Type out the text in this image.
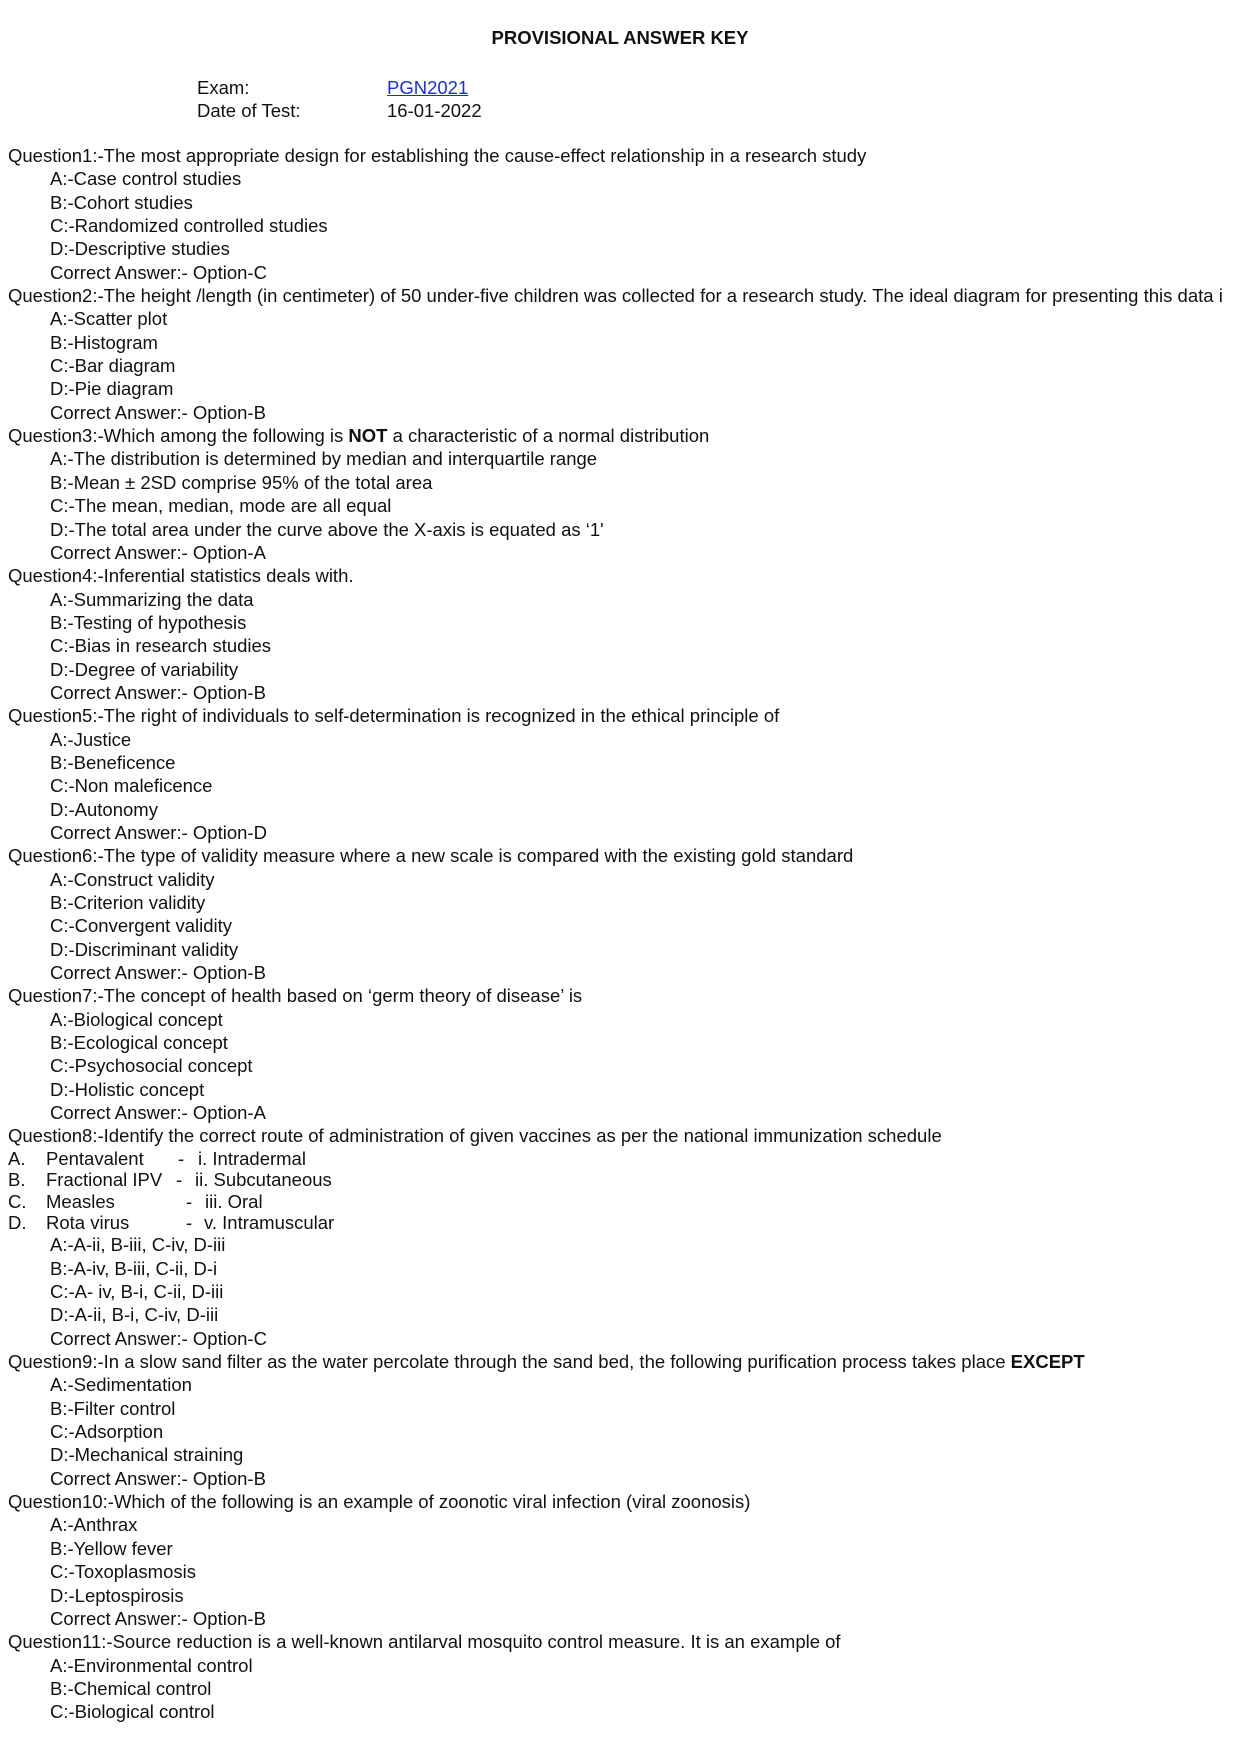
PROVISIONAL ANSWER KEY
Exam:	PGN2021
Date of Test:	16-01-2022
Question1:-The most appropriate design for establishing the cause-effect relationship in a research study
A:-Case control studies
B:-Cohort studies
C:-Randomized controlled studies
D:-Descriptive studies
Correct Answer:- Option-C
Question2:-The height /length (in centimeter) of 50 under-five children was collected for a research study. The ideal diagram for presenting this data i
A:-Scatter plot
B:-Histogram
C:-Bar diagram
D:-Pie diagram
Correct Answer:- Option-B
Question3:-Which among the following is NOT a characteristic of a normal distribution
A:-The distribution is determined by median and interquartile range
B:-Mean ± 2SD comprise 95% of the total area
C:-The mean, median, mode are all equal
D:-The total area under the curve above the X-axis is equated as ‘1'
Correct Answer:- Option-A
Question4:-Inferential statistics deals with.
A:-Summarizing the data
B:-Testing of hypothesis
C:-Bias in research studies
D:-Degree of variability
Correct Answer:- Option-B
Question5:-The right of individuals to self-determination is recognized in the ethical principle of
A:-Justice
B:-Beneficence
C:-Non maleficence
D:-Autonomy
Correct Answer:- Option-D
Question6:-The type of validity measure where a new scale is compared with the existing gold standard
A:-Construct validity
B:-Criterion validity
C:-Convergent validity
D:-Discriminant validity
Correct Answer:- Option-B
Question7:-The concept of health based on ‘germ theory of disease’ is
A:-Biological concept
B:-Ecological concept
C:-Psychosocial concept
D:-Holistic concept
Correct Answer:- Option-A
Question8:-Identify the correct route of administration of given vaccines as per the national immunization schedule
A. Pentavalent - i. Intradermal
B. Fractional IPV - ii. Subcutaneous
C. Measles	- iii. Oral
D. Rota virus	- v. Intramuscular
A:-A-ii, B-iii, C-iv, D-iii
B:-A-iv, B-iii, C-ii, D-i
C:-A- iv, B-i, C-ii, D-iii
D:-A-ii, B-i, C-iv, D-iii
Correct Answer:- Option-C
Question9:-In a slow sand filter as the water percolate through the sand bed, the following purification process takes place EXCEPT
A:-Sedimentation
B:-Filter control
C:-Adsorption
D:-Mechanical straining
Correct Answer:- Option-B
Question10:-Which of the following is an example of zoonotic viral infection (viral zoonosis)
A:-Anthrax
B:-Yellow fever
C:-Toxoplasmosis
D:-Leptospirosis
Correct Answer:- Option-B
Question11:-Source reduction is a well-known antilarval mosquito control measure. It is an example of
A:-Environmental control
B:-Chemical control
C:-Biological control
